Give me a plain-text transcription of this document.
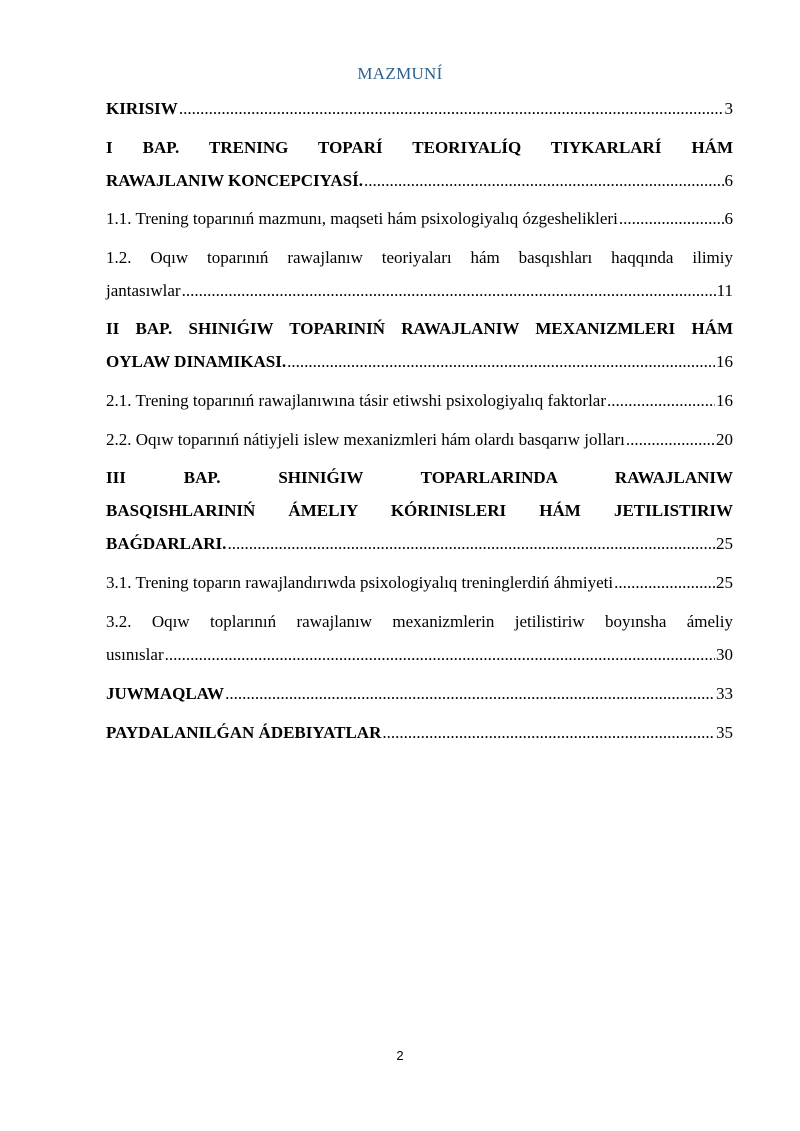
MAZMUNÍ
KIRISIW .....	3
I BAP. TRENING TOPARÍ TEORIYALÍQ TIYKARLARÍ HÁM
RAWAJLANIW KONCEPCIYASÍ. .....	6
1.1. Trening toparınıń mazmunı, maqseti hám psixologiyalıq ózgeshelikleri .....	6
1.2. Oqıw toparınıń rawajlanıw teoriyaları hám basqıshları haqqında ilimiy
jantasıwlar .....	11
II BAP. SHINIǴIW TOPARINIŃ RAWAJLANIW MEXANIZMLERI HÁM
OYLAW DINAMIKASI. .....	16
2.1. Trening toparınıń rawajlanıwına tásir etiwshi psixologiyalıq faktorlar .....	16
2.2. Oqıw toparınıń nátiyjeli islew mexanizmleri hám olardı basqarıw jolları .....	20
III BAP. SHINIǴIW TOPARLARINDA RAWAJLANIW
BASQISHLARINIŃ ÁMELIY KÓRINISLERI HÁM JETILISTIRIW
BAǴDARLARI. .....	25
3.1. Trening toparın rawajlandırıwda psixologiyalıq treninglerdiń áhmiyeti .....	25
3.2. Oqıw toplarınıń rawajlanıw mexanizmlerin jetilistiriw boyınsha ámeliy
usınıslar .....	30
JUWMAQLAW .....	33
PAYDALANILǴAN ÁDEBIYATLAR .....	35
2
